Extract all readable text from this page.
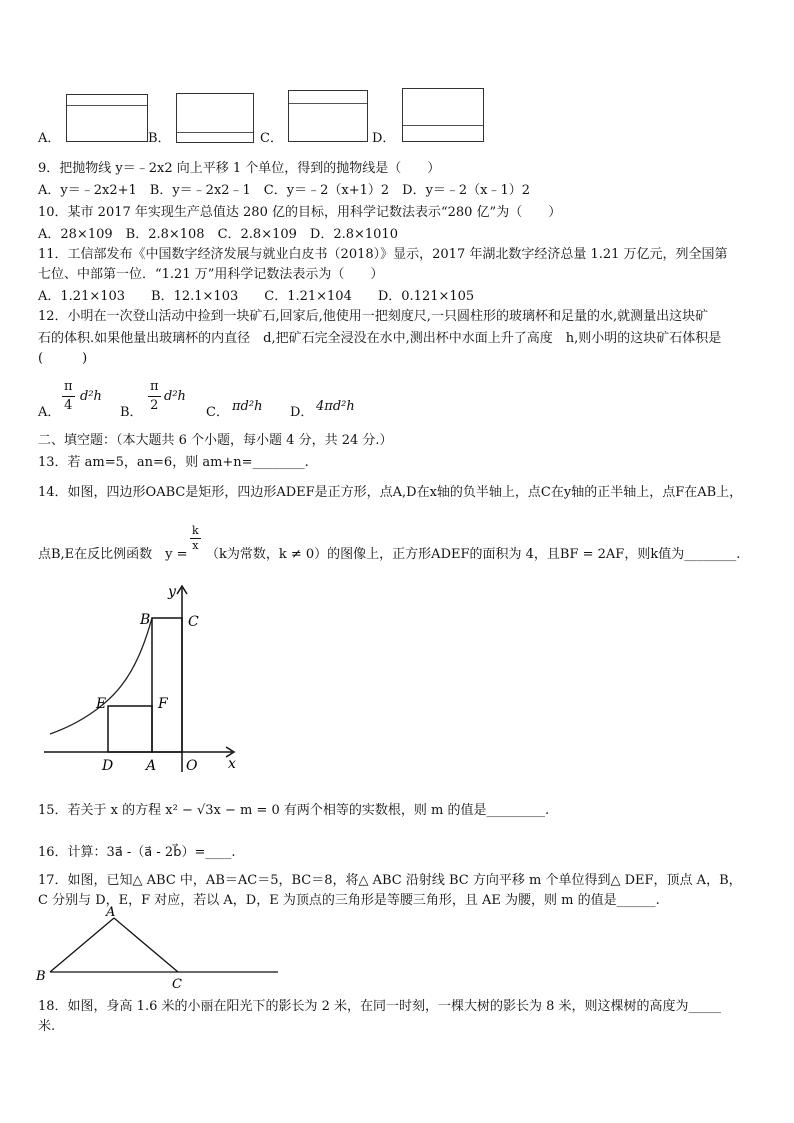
A．	B．	C．	D．
9．把抛物线 y＝﹣2x2 向上平移 1 个单位，得到的抛物线是（　　）
A．y＝﹣2x2+1　B．y＝﹣2x2﹣1　C．y＝﹣2（x+1）2　D．y＝﹣2（x﹣1）2
10．某市 2017 年实现生产总值达 280 亿的目标，用科学记数法表示“280 亿”为（　　）
A．28×109　B．2.8×108　C．2.8×109　D．2.8×1010
11．工信部发布《中国数字经济发展与就业白皮书（2018）》显示，2017 年湖北数字经济总量 1.21 万亿元，列全国第
七位、中部第一位．“1.21 万”用科学记数法表示为（　　）
A．1.21×103　　B．12.1×103　　C．1.21×104　　D．0.121×105
12．小明在一次登山活动中捡到一块矿石,回家后,他使用一把刻度尺,一只圆柱形的玻璃杯和足量的水,就测量出这块矿
石的体积.如果他量出玻璃杯的内直径　d,把矿石完全浸没在水中,测出杯中水面上升了高度　h,则小明的这块矿石体积是
(　　　)
A． $\frac{\pi}{4} d^2h$
B． $\frac{\pi}{2} d^2h$
C． πd²h D． 4πd²h
二、填空题：（本大题共 6 个小题，每小题 4 分，共 24 分.）
13．若 am=5，an=6，则 am+n=________.
14．如图，四边形OABC是矩形，四边形ADEF是正方形，点A,D在x轴的负半轴上，点C在y轴的正半轴上，点F在AB上，
点B,E在反比例函数　y =
$\frac{k}{x}$
（k为常数，k ≠ 0）的图像上，正方形ADEF的面积为 4，且BF = 2AF，则k值为________.
y
x
B	C
E	F
D A O
15．若关于 x 的方程 x² − √3x − m = 0 有两个相等的实数根，则 m 的值是_________.
16．计算：3a⃗ -（a⃗ - 2b⃗）=____.
17．如图，已知△ ABC 中，AB＝AC＝5，BC＝8，将△ ABC 沿射线 BC 方向平移 m 个单位得到△ DEF，顶点 A，B，
C 分别与 D，E，F 对应，若以 A，D，E 为顶点的三角形是等腰三角形，且 AE 为腰，则 m 的值是______.
A
B
C
18．如图，身高 1.6 米的小丽在阳光下的影长为 2 米，在同一时刻，一棵大树的影长为 8 米，则这棵树的高度为_____
米.
